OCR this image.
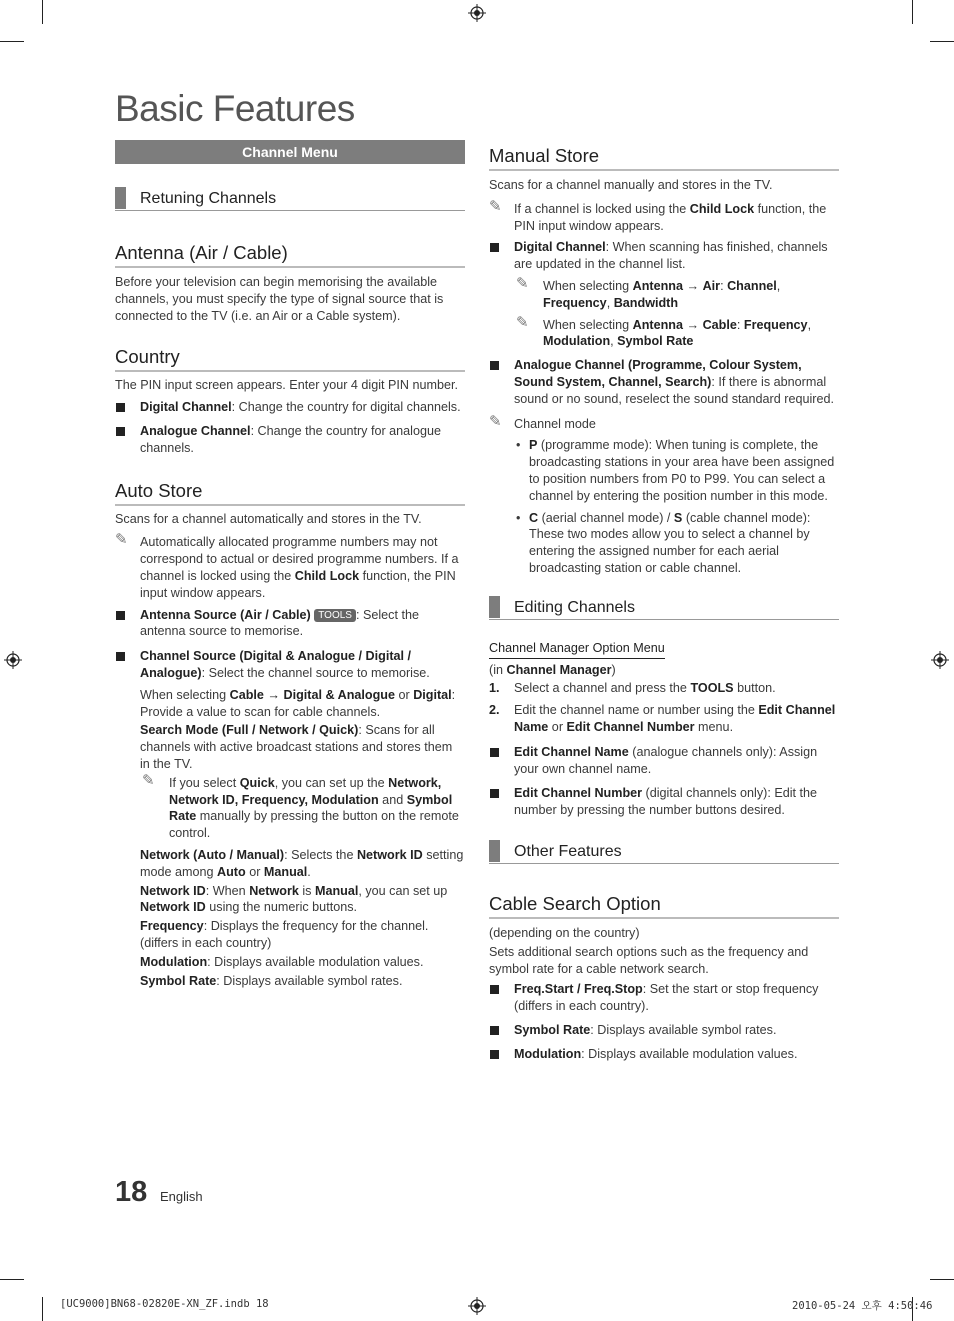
Basic Features
Channel Menu
Retuning Channels
Antenna (Air / Cable)

Before your television can begin memorising the available channels, you must specify the type of signal source that is connected to the TV (i.e. an Air or a Cable system).

Country

The PIN input screen appears. Enter your 4 digit PIN number.

Digital Channel: Change the country for digital channels.

Analogue Channel: Change the country for analogue channels.

Auto Store

Scans for a channel automatically and stores in the TV.

✎ Automatically allocated programme numbers may not correspond to actual or desired programme numbers. If a channel is locked using the Child Lock function, the PIN input window appears.

Antenna Source (Air / Cable) TOOLS : Select the antenna source to memorise.

Channel Source (Digital & Analogue / Digital / Analogue): Select the channel source to memorise.

When selecting Cable → Digital & Analogue or Digital: Provide a value to scan for cable channels.

Search Mode (Full / Network / Quick): Scans for all channels with active broadcast stations and stores them in the TV.

✎ If you select Quick, you can set up the Network, Network ID, Frequency, Modulation and Symbol Rate manually by pressing the button on the remote control.

Network (Auto / Manual): Selects the Network ID setting mode among Auto or Manual.

Network ID: When Network is Manual, you can set up Network ID using the numeric buttons.

Frequency: Displays the frequency for the channel. (differs in each country)

Modulation: Displays available modulation values.

Symbol Rate: Displays available symbol rates.

Manual Store

Scans for a channel manually and stores in the TV.

✎ If a channel is locked using the Child Lock function, the PIN input window appears.

Digital Channel: When scanning has finished, channels are updated in the channel list.

✎ When selecting Antenna → Air: Channel, Frequency, Bandwidth

✎ When selecting Antenna → Cable: Frequency, Modulation, Symbol Rate

Analogue Channel (Programme, Colour System, Sound System, Channel, Search): If there is abnormal sound or no sound, reselect the sound standard required.

✎ Channel mode

• P (programme mode): When tuning is complete, the broadcasting stations in your area have been assigned to position numbers from P0 to P99. You can select a channel by entering the position number in this mode.

• C (aerial channel mode) / S (cable channel mode): These two modes allow you to select a channel by entering the assigned number for each aerial broadcasting station or cable channel.

Editing Channels

Channel Manager Option Menu

(in Channel Manager)

1. Select a channel and press the TOOLS button.

2. Edit the channel name or number using the Edit Channel Name or Edit Channel Number menu.

Edit Channel Name (analogue channels only): Assign your own channel name.

Edit Channel Number (digital channels only): Edit the number by pressing the number buttons desired.

Other Features
Cable Search Option

(depending on the country)

Sets additional search options such as the frequency and symbol rate for a cable network search.

Freq.Start / Freq.Stop: Set the start or stop frequency (differs in each country).

Symbol Rate: Displays available symbol rates.

Modulation: Displays available modulation values.

18 English
[UC9000]BN68-02820E-XN_ZF.indb 18	2010-05-24 오후 4:50:46
